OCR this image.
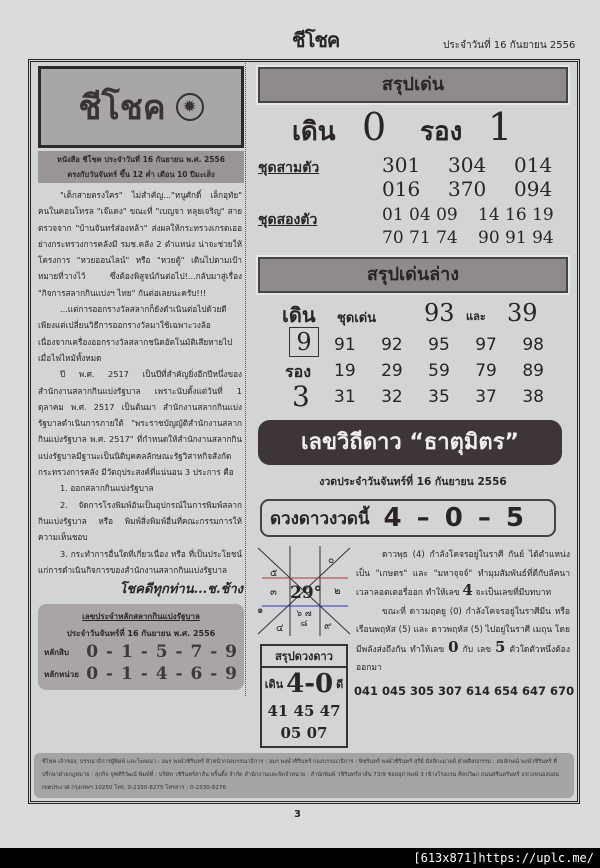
ชีโชค	ประจำวันที่ 16 กันยายน 2556
ชีโชค	✹
หนังสือ ชีโชค ประจำวันที่ 16 กันยายน พ.ศ. 2556
ตรงกับวันจันทร์ ขึ้น 12 ค่ำ เดือน 10 ปีมะเส็ง

"เด็กสายตรงใคร" ไม่สำคัญ..."หนูศักดิ์ เล็กอุทัย" คนในคอนโทรล "เจ๊แดง" ขณะที่ "เบญจา หลุยเจริญ" สายตรวจจาก "บ้านจันทร์ส่องหล้า" ส่งผลให้กระทรวงเกรดเออย่างกระทรวงการคลังมี รมช.คลัง 2 ตำแหน่ง น่าจะช่วยให้โครงการ "หวยออนไลน์" หรือ "หวยตู้" เดินไปตามเป้าหมายที่วางไว้ ซึ่งต้องพิสูจน์กันต่อไป!...กลับมาสู่เรื่อง "กิจการสลากกินแบ่งฯ ไทย" กันต่อเลยนะครับ!!!

...แต่การออกรางวัลสลากก็ยังดำเนินต่อไปด้วยดี เพียงแต่เปลี่ยนวิธีการออกรางวัลมาใช้เฉพาะวงล้อ เนื่องจากเครื่องออกรางวัลสลากชนิดอัตโนมัติเสียหายไปเมื่อไฟไหม้ทั้งหมด

ปี พ.ศ. 2517 เป็นปีที่สำคัญยิ่งอีกปีหนึ่งของสำนักงานสลากกินแบ่งรัฐบาล เพราะนับตั้งแต่วันที่ 1 ตุลาคม พ.ศ. 2517 เป็นต้นมา สำนักงานสลากกินแบ่งรัฐบาลดำเนินการภายใต้ "พระราชบัญญัติสำนักงานสลากกินแบ่งรัฐบาล พ.ศ. 2517" ที่กำหนดให้สำนักงานสลากกินแบ่งรัฐบาลมีฐานะเป็นนิติบุคคลลักษณะรัฐวิสาหกิจสังกัดกระทรวงการคลัง มีวัตถุประสงค์ที่แน่นอน 3 ประการ คือ

1. ออกสลากกินแบ่งรัฐบาล

2. จัดการโรงพิมพ์อันเป็นอุปกรณ์ในการพิมพ์สลากกินแบ่งรัฐบาล หรือ พิมพ์สิ่งพิมพ์อื่นที่คณะกรรมการให้ความเห็นชอบ

3. กระทำการอื่นใดที่เกี่ยวเนื่อง หรือ ที่เป็นประโยชน์แก่การดำเนินกิจการของสำนักงานสลากกินแบ่งรัฐบาล

โชคดีทุกท่าน...ช.ช้าง
เลขประจำหลักสลากกินแบ่งรัฐบาล
ประจำวันจันทร์ที่ 16 กันยายน พ.ศ. 2556
หลักสิบ 0 - 1 - 5 - 7 - 9
หลักหน่วย 0 - 1 - 4 - 6 - 9
สรุปเด่น
เดิน 0 รอง 1
ชุดสามตัว	301 304 014
016 370 094
ชุดสองตัว	01 04 09 14 16 19
70 71 74 90 91 94
สรุปเด่นล่าง
เดิน
9
รอง
3
ชุดเด่น 93 และ 39
91 92 95 97 98
19 29 59 79 89
31 32 35 37 38
เลขวิถีดาว “ธาตุมิตร”
งวดประจำวันจันทร์ที่ 16 กันยายน 2556
ดวงดาวงวดนี้ 4 – 0 – 5
29°
๕
๐
๒
๓
๑
๔
๖ ๗ ๘	๙
สรุปดวงดาว
เดิน 4-0 ดี
41 45 47
05 07

ดาวพุธ (4) กำลังโคจรอยู่ในราศี กันย์ ได้ตำแหน่งเป็น "เกษตร" และ "มหาจุจจ์" ทำมุมสัมพันธ์ที่ดีกับลัคนา เวลาลอตเตอรี่ออก ทำให้เลข 4 จะเป็นเลขที่มีบทบาท

ขณะที่ ดาวมฤตยู (0) กำลังโคจรอยู่ในราศีมีน หรือ เรือนพฤหัส (5) และ ดาวพฤหัส (5) ไปอยู่ในราศี เมถุน โดยมีพลังส่งถึงกัน ทำให้เลข 0 กับ เลข 5 ตัวใดตัวหนึ่งต้องออกมา

041 045 305 307 614 654 647 670
ชีโชค เจ้าของ, บรรณาธิการผู้พิมพ์ และโฆษณา : อมร พงษ์วชิรินทร์ หัวหน้ากองบรรณาธิการ : อมร พงษ์วชิรินทร์ กองบรรณาธิการ : พิชรินทร์ พงษ์วชิรินทร์ สุรีย์ มัลลิกะมาลย์ ฝ่ายศิลปกรรม : สมลักษณ์ พงษ์วชิรินทร์ ที่ปรึกษาฝ่ายกฎหมาย : สุภกิจ จูฑศิริวัฒน์ พิมพ์ที่ : บริษัท วชิรินทร์สาส์น พริ้นติ้ง จำกัด สำนักงานและจัดจำหน่าย : สำนักพิมพ์ วชิรินทร์สาส์น 73/9 ซอยสุภาพงษ์ 3 (ข้างโรงแรม ศิลปวัฒ) ถนนศรีนครินทร์ แขวงหนองบอน เขตประเวศ กรุงเทพฯ 10250 โทร. 0-2330-8275 โทรสาร : 0-2330-8276
3
[613x871]https://uplc.me/
